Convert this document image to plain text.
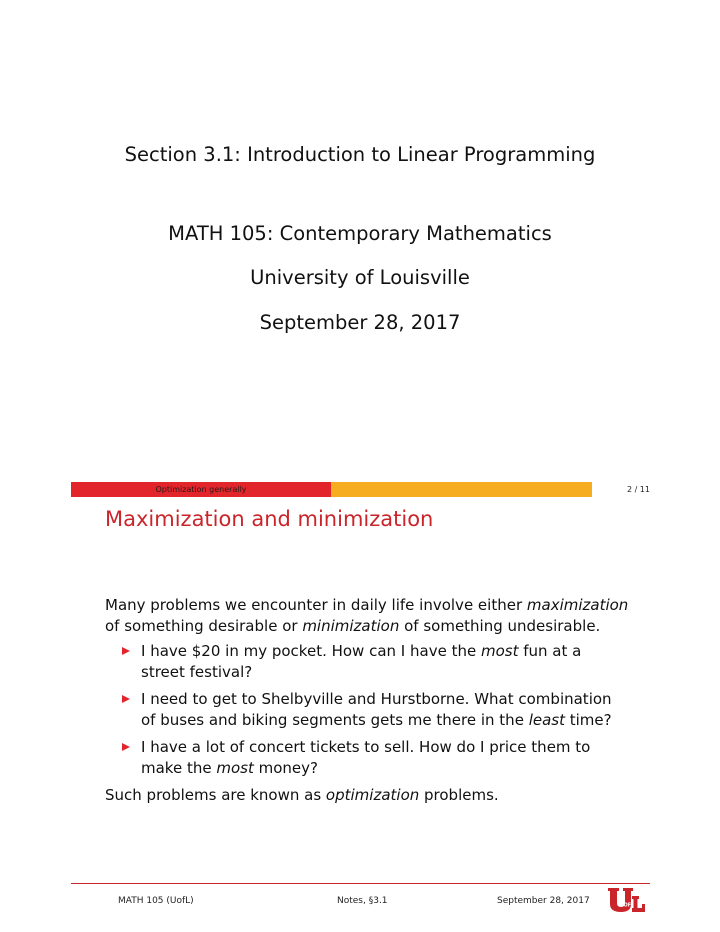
Section 3.1: Introduction to Linear Programming
MATH 105: Contemporary Mathematics
University of Louisville
September 28, 2017
Optimization generally	2 / 11
Maximization and minimization
Many problems we encounter in daily life involve either maximization
of something desirable or minimization of something undesirable.
I have $20 in my pocket. How can I have the most fun at a
street festival?
I need to get to Shelbyville and Hurstborne. What combination
of buses and biking segments gets me there in the least time?
I have a lot of concert tickets to sell. How do I price them to
make the most money?
Such problems are known as optimization problems.
MATH 105 (UofL)	Notes, §3.1	September 28, 2017	OF
